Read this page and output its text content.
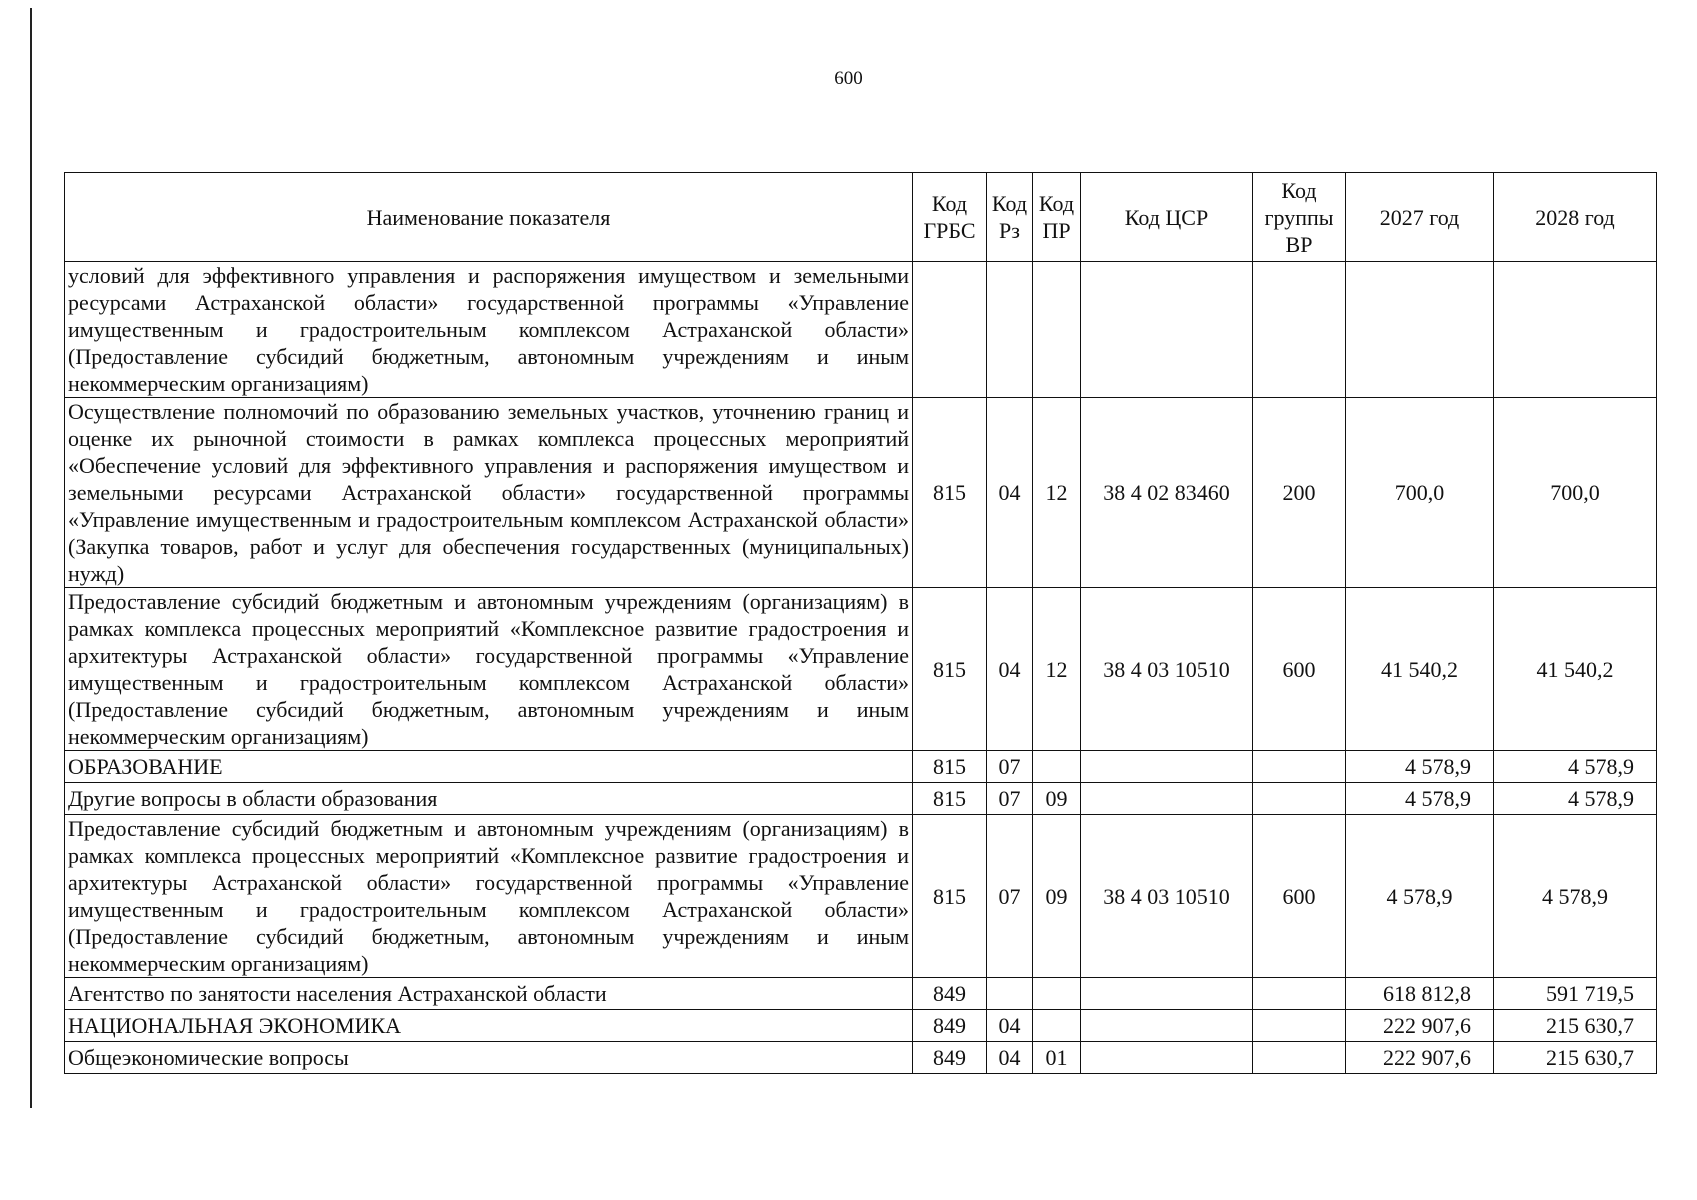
600
Наименование показателя	Код ГРБС	Код Рз	Код ПР	Код ЦСР	Код группы ВР	2027 год	2028 год
условий для эффективного управления и распоряжения имуществом и земельными ресурсами Астраханской области» государственной программы «Управление имущественным и градостроительным комплексом Астраханской области» (Предоставление субсидий бюджетным, автономным учреждениям и иным некоммерческим организациям)							
Осуществление полномочий по образованию земельных участков, уточнению границ и оценке их рыночной стоимости в рамках комплекса процессных мероприятий «Обеспечение условий для эффективного управления и распоряжения имуществом и земельными ресурсами Астраханской области» государственной программы «Управление имущественным и градостроительным комплексом Астраханской области» (Закупка товаров, работ и услуг для обеспечения государственных (муниципальных) нужд)	815	04	12	38 4 02 83460	200	700,0	700,0
Предоставление субсидий бюджетным и автономным учреждениям (организациям) в рамках комплекса процессных мероприятий «Комплексное развитие градостроения и архитектуры Астраханской области» государственной программы «Управление имущественным и градостроительным комплексом Астраханской области» (Предоставление субсидий бюджетным, автономным учреждениям и иным некоммерческим организациям)	815	04	12	38 4 03 10510	600	41 540,2	41 540,2
ОБРАЗОВАНИЕ	815	07				4 578,9	4 578,9
Другие вопросы в области образования	815	07	09			4 578,9	4 578,9
Предоставление субсидий бюджетным и автономным учреждениям (организациям) в рамках комплекса процессных мероприятий «Комплексное развитие градостроения и архитектуры Астраханской области» государственной программы «Управление имущественным и градостроительным комплексом Астраханской области» (Предоставление субсидий бюджетным, автономным учреждениям и иным некоммерческим организациям)	815	07	09	38 4 03 10510	600	4 578,9	4 578,9
Агентство по занятости населения Астраханской области	849					618 812,8	591 719,5
НАЦИОНАЛЬНАЯ ЭКОНОМИКА	849	04				222 907,6	215 630,7
Общеэкономические вопросы	849	04	01			222 907,6	215 630,7
